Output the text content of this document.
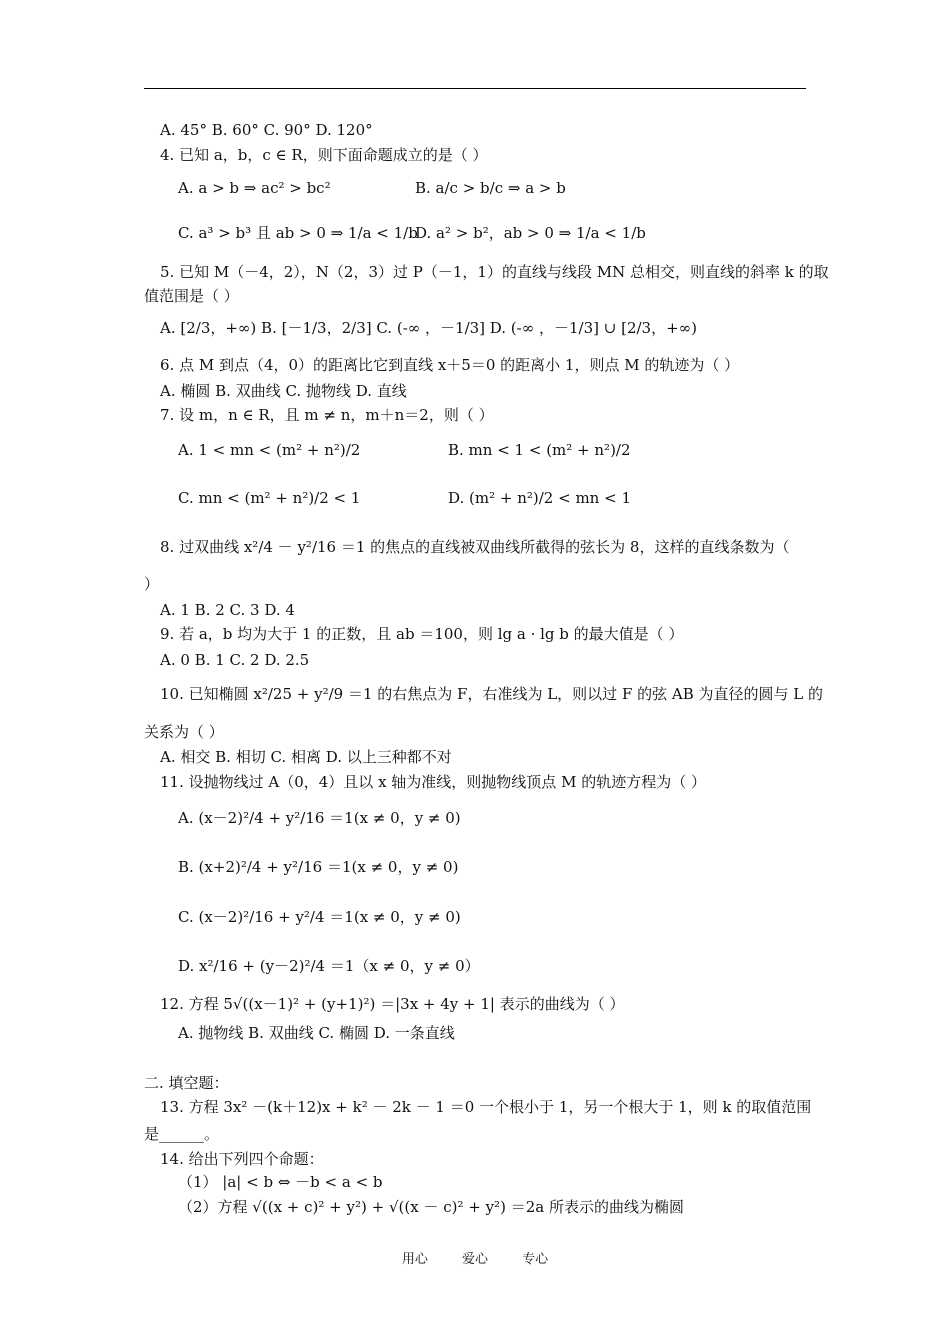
A. 45° B. 60° C. 90° D. 120°
4. 已知 a，b，c ∈ R，则下面命题成立的是（ ）
A. a > b ⇒ ac² > bc²	B. a/c > b/c ⇒ a > b
C. a³ > b³ 且 ab > 0 ⇒ 1/a < 1/b
D. a² > b²，ab > 0 ⇒ 1/a < 1/b
5. 已知 M（－4，2），N（2，3）过 P（－1，1）的直线与线段 MN 总相交，则直线的斜率 k 的取
值范围是（ ）
A. [2/3，+∞) B. [－1/3，2/3] C. (-∞ ，－1/3] D. (-∞ ，－1/3] ∪ [2/3，+∞)
6. 点 M 到点（4，0）的距离比它到直线 x＋5＝0 的距离小 1，则点 M 的轨迹为（ ）
A. 椭圆 B. 双曲线 C. 抛物线 D. 直线
7. 设 m，n ∈ R，且 m ≠ n，m＋n＝2，则（ ）
A. 1 < mn < (m² + n²)/2	B. mn < 1 < (m² + n²)/2
C. mn < (m² + n²)/2 < 1	D. (m² + n²)/2 < mn < 1
8. 过双曲线 x²/4 － y²/16 ＝1 的焦点的直线被双曲线所截得的弦长为 8，这样的直线条数为（
）
A. 1 B. 2 C. 3 D. 4
9. 若 a，b 均为大于 1 的正数，且 ab ＝100，则 lg a · lg b 的最大值是（ ）
A. 0 B. 1 C. 2 D. 2.5
10. 已知椭圆 x²/25 + y²/9 ＝1 的右焦点为 F，右准线为 L，则以过 F 的弦 AB 为直径的圆与 L 的
关系为（ ）
A. 相交 B. 相切 C. 相离 D. 以上三种都不对
11. 设抛物线过 A（0，4）且以 x 轴为准线，则抛物线顶点 M 的轨迹方程为（ ）
A. (x－2)²/4 + y²/16 ＝1(x ≠ 0，y ≠ 0)
B. (x+2)²/4 + y²/16 ＝1(x ≠ 0，y ≠ 0)
C. (x－2)²/16 + y²/4 ＝1(x ≠ 0，y ≠ 0)
D. x²/16 + (y－2)²/4 ＝1（x ≠ 0，y ≠ 0）
12. 方程 5√((x－1)² + (y+1)²) ＝|3x + 4y + 1| 表示的曲线为（ ）
A. 抛物线 B. 双曲线 C. 椭圆 D. 一条直线
二. 填空题：
13. 方程 3x² －(k＋12)x + k² － 2k － 1 ＝0 一个根小于 1，另一个根大于 1，则 k 的取值范围
是______。
14. 给出下列四个命题：
（1） |a| < b ⇔ －b < a < b
（2）方程 √((x + c)² + y²) + √((x － c)² + y²) ＝2a 所表示的曲线为椭圆
用心	爱心	专心
